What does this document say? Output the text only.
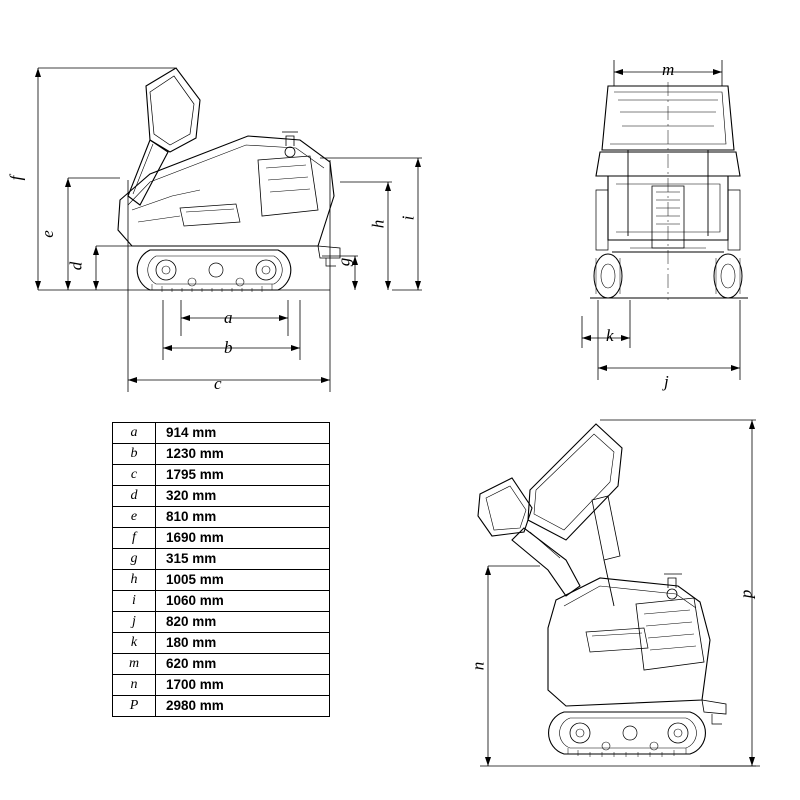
f
e
d
a
b
c
g
h
i
m
k
j
n
p
a	914 mm
b	1230 mm
c	1795 mm
d	320 mm
e	810 mm
f	1690 mm
g	315 mm
h	1005 mm
i	1060 mm
j	820 mm
k	180 mm
m	620 mm
n	1700 mm
P	2980 mm
